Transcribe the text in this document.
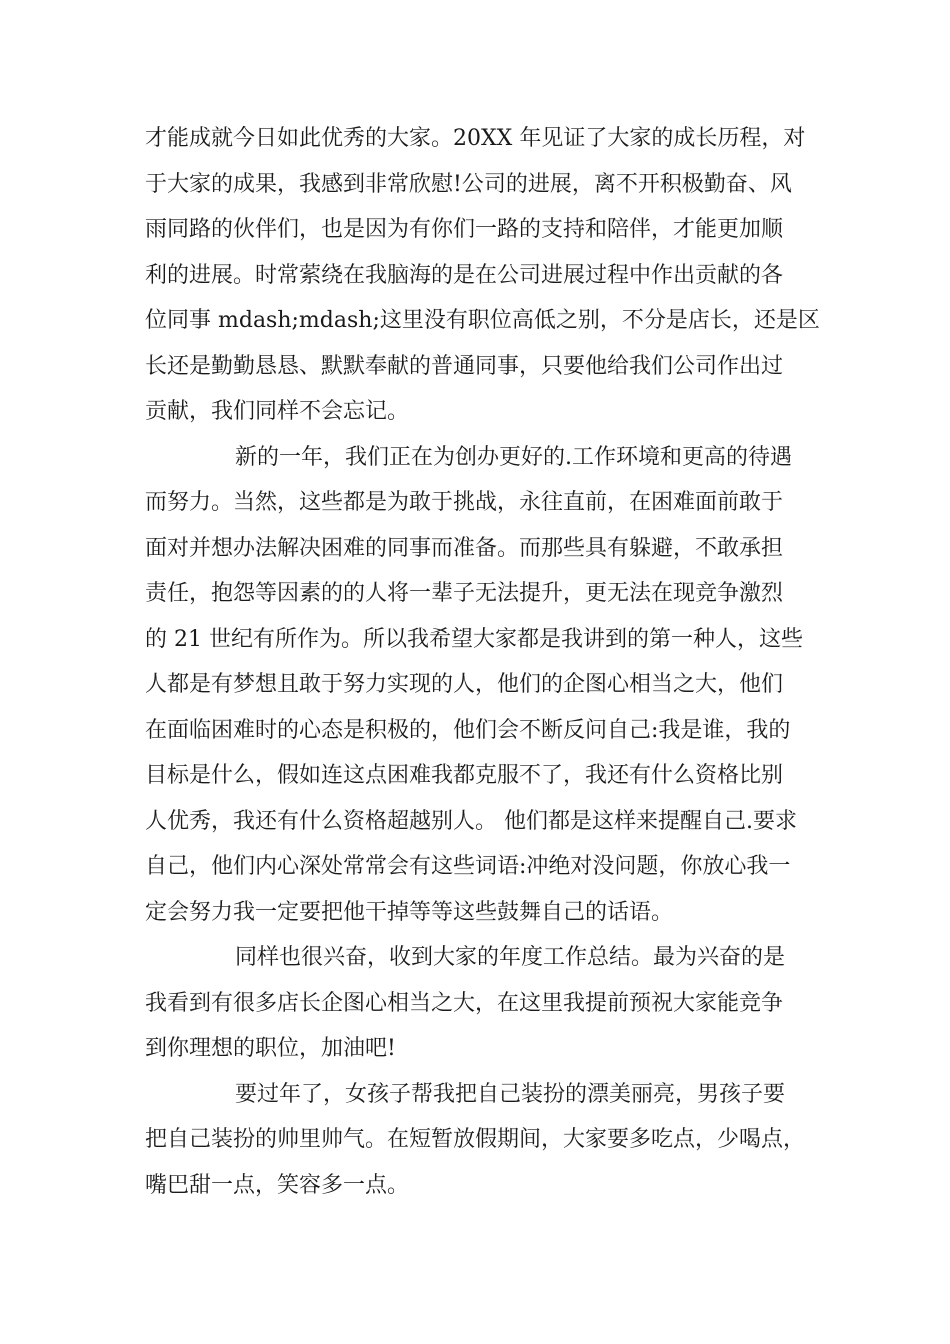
才能成就今日如此优秀的大家。20XX 年见证了大家的成长历程，对
于大家的成果，我感到非常欣慰!公司的进展，离不开积极勤奋、风
雨同路的伙伴们，也是因为有你们一路的支持和陪伴，才能更加顺
利的进展。时常萦绕在我脑海的是在公司进展过程中作出贡献的各
位同事 mdash;mdash;这里没有职位高低之别，不分是店长，还是区
长还是勤勤恳恳、默默奉献的普通同事，只要他给我们公司作出过
贡献，我们同样不会忘记。
新的一年，我们正在为创办更好的.工作环境和更高的待遇
而努力。当然，这些都是为敢于挑战，永往直前，在困难面前敢于
面对并想办法解决困难的同事而准备。而那些具有躲避，不敢承担
责任，抱怨等因素的的人将一辈子无法提升，更无法在现竞争激烈
的 21 世纪有所作为。所以我希望大家都是我讲到的第一种人，这些
人都是有梦想且敢于努力实现的人，他们的企图心相当之大，他们
在面临困难时的心态是积极的，他们会不断反问自己:我是谁，我的
目标是什么，假如连这点困难我都克服不了，我还有什么资格比别
人优秀，我还有什么资格超越别人。 他们都是这样来提醒自己.要求
自己，他们内心深处常常会有这些词语:冲绝对没问题，你放心我一
定会努力我一定要把他干掉等等这些鼓舞自己的话语。
同样也很兴奋，收到大家的年度工作总结。最为兴奋的是
我看到有很多店长企图心相当之大，在这里我提前预祝大家能竞争
到你理想的职位，加油吧!
要过年了，女孩子帮我把自己装扮的漂美丽亮，男孩子要
把自己装扮的帅里帅气。在短暂放假期间，大家要多吃点，少喝点，
嘴巴甜一点，笑容多一点。
